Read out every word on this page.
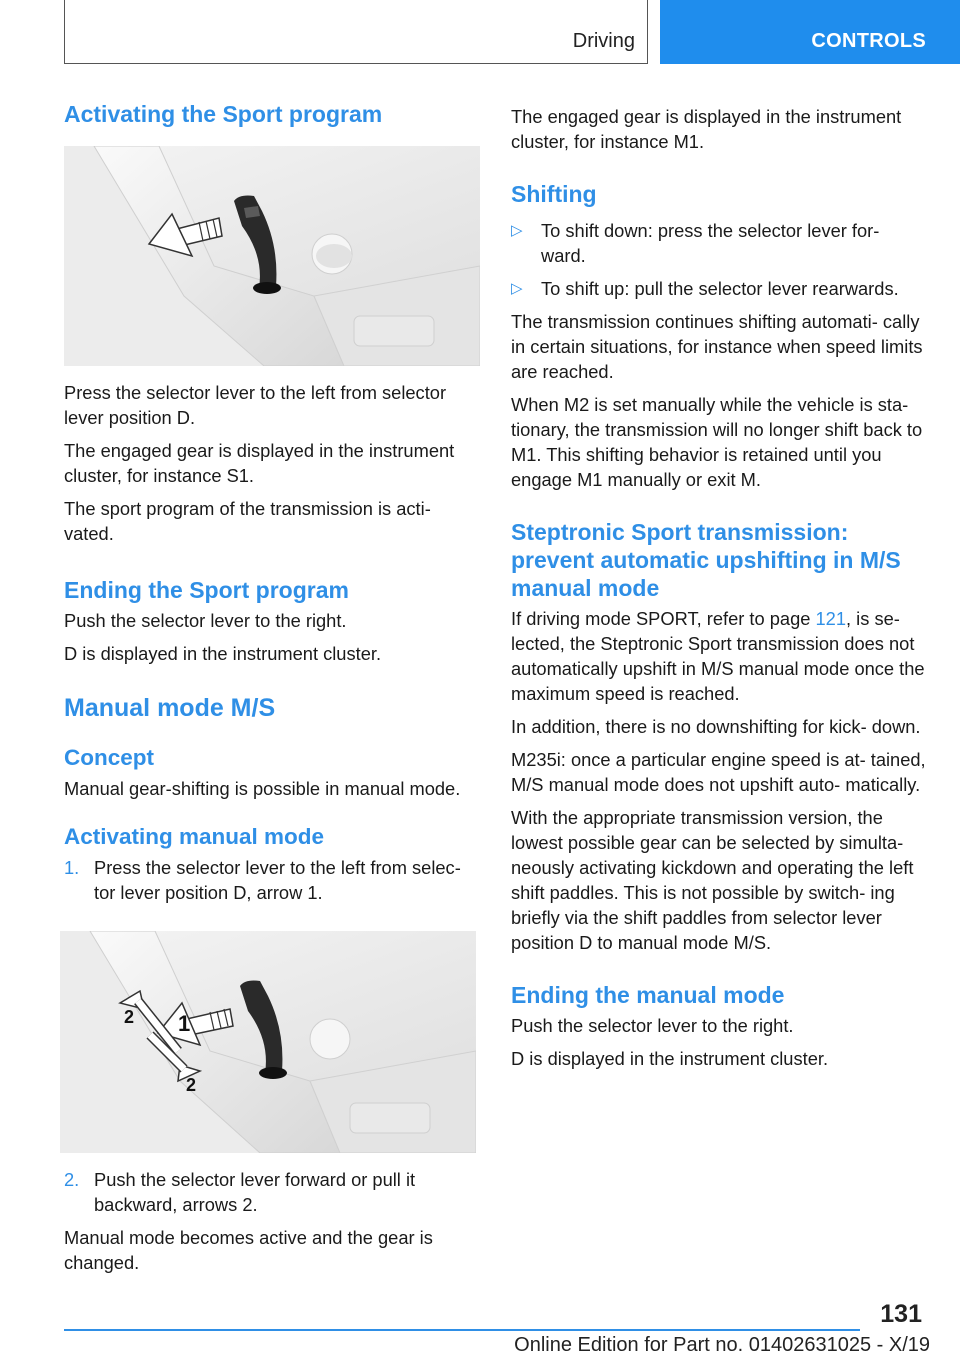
Driving	CONTROLS
Activating the Sport program

Press the selector lever to the left from selector lever position D.

The engaged gear is displayed in the instrument cluster, for instance S1.

The sport program of the transmission is acti‐ vated.

Ending the Sport program

Push the selector lever to the right.

D is displayed in the instrument cluster.

Manual mode M/S
Concept

Manual gear-shifting is possible in manual mode.

Activating manual mode
1. Press the selector lever to the left from selec‐ tor lever position D, arrow 1.

1
2
2
2. Push the selector lever forward or pull it backward, arrows 2.

Manual mode becomes active and the gear is changed.

The engaged gear is displayed in the instrument cluster, for instance M1.

Shifting
▷ To shift down: press the selector lever for‐ ward.

▷ To shift up: pull the selector lever rearwards.

The transmission continues shifting automati‐ cally in certain situations, for instance when speed limits are reached.

When M2 is set manually while the vehicle is sta‐ tionary, the transmission will no longer shift back to M1. This shifting behavior is retained until you engage M1 manually or exit M.

Steptronic Sport transmission: prevent automatic upshifting in M/S manual mode

If driving mode SPORT, refer to page 121, is se‐ lected, the Steptronic Sport transmission does not automatically upshift in M/S manual mode once the maximum speed is reached.

In addition, there is no downshifting for kick‐ down.

M235i: once a particular engine speed is at‐ tained, M/S manual mode does not upshift auto‐ matically.

With the appropriate transmission version, the lowest possible gear can be selected by simulta‐ neously activating kickdown and operating the left shift paddles. This is not possible by switch‐ ing briefly via the shift paddles from selector lever position D to manual mode M/S.

Ending the manual mode

Push the selector lever to the right.

D is displayed in the instrument cluster.

131
Online Edition for Part no. 01402631025 - X/19
